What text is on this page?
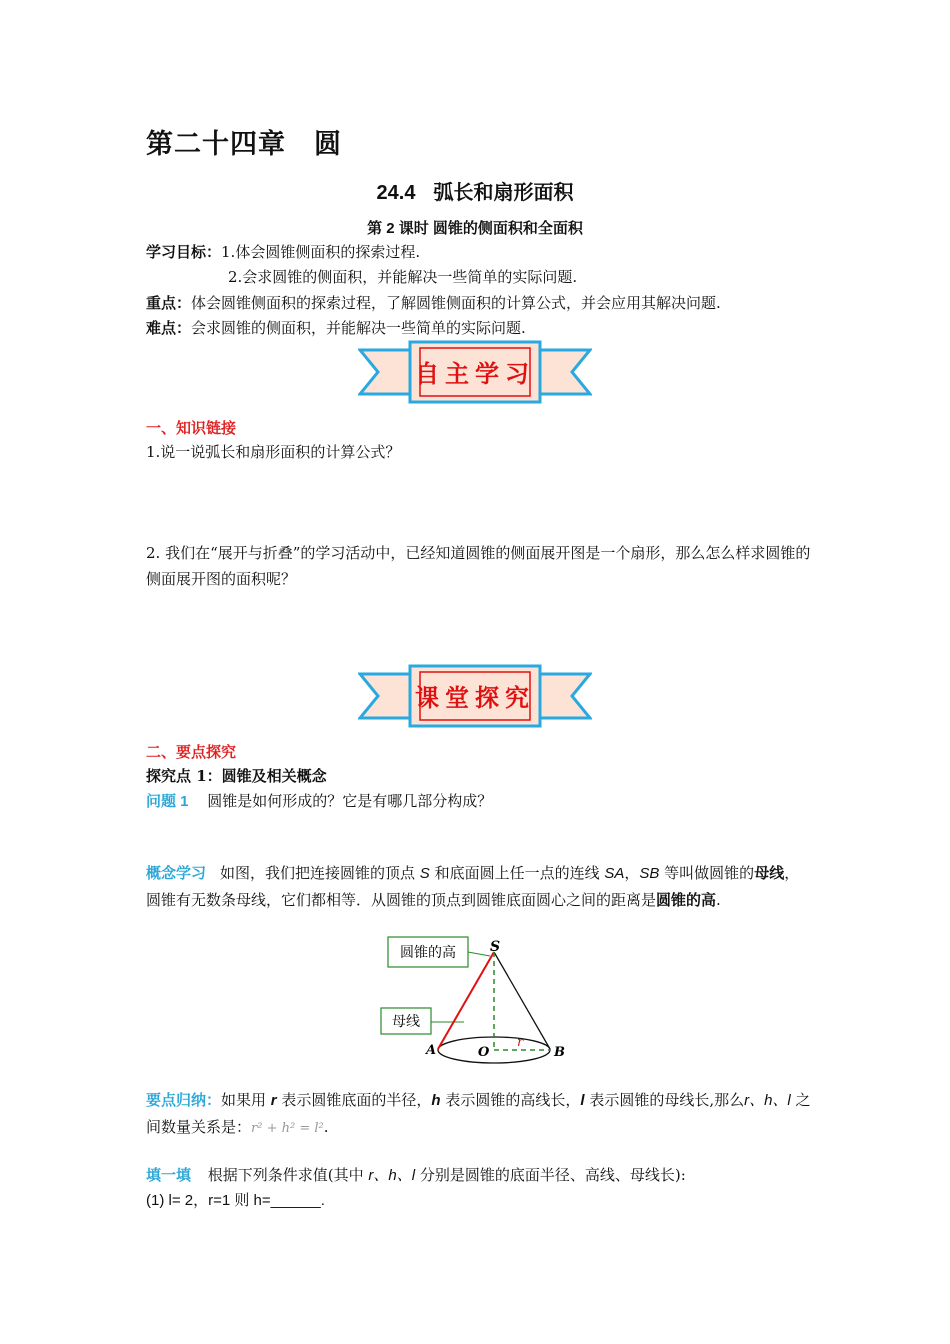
第二十四章　圆
24.4 弧长和扇形面积
第 2 课时 圆锥的侧面积和全面积
学习目标：1.体会圆锥侧面积的探索过程.
2.会求圆锥的侧面积，并能解决一些简单的实际问题.
重点：体会圆锥侧面积的探索过程，了解圆锥侧面积的计算公式，并会应用其解决问题.
难点：会求圆锥的侧面积，并能解决一些简单的实际问题.
自主学习
一、知识链接
1.说一说弧长和扇形面积的计算公式？
2. 我们在“展开与折叠”的学习活动中，已经知道圆锥的侧面展开图是一个扇形，那么怎么样求圆锥的侧面展开图的面积呢？
课堂探究
二、要点探究
探究点 1：圆锥及相关概念
问题 1 圆锥是如何形成的？它是有哪几部分构成？
概念学习 如图，我们把连接圆锥的顶点 S 和底面圆上任一点的连线 SA，SB 等叫做圆锥的母线，圆锥有无数条母线，它们都相等．从圆锥的顶点到圆锥底面圆心之间的距离是圆锥的高.
圆锥的高
母线
S
A	O	B
r
要点归纳：如果用 r 表示圆锥底面的半径，h 表示圆锥的高线长，l 表示圆锥的母线长,那么r、h、l 之间数量关系是：r² + h² = l².
填一填 根据下列条件求值(其中 r、h、l 分别是圆锥的底面半径、高线、母线长):
(1) l= 2，r=1 则 h=______.
